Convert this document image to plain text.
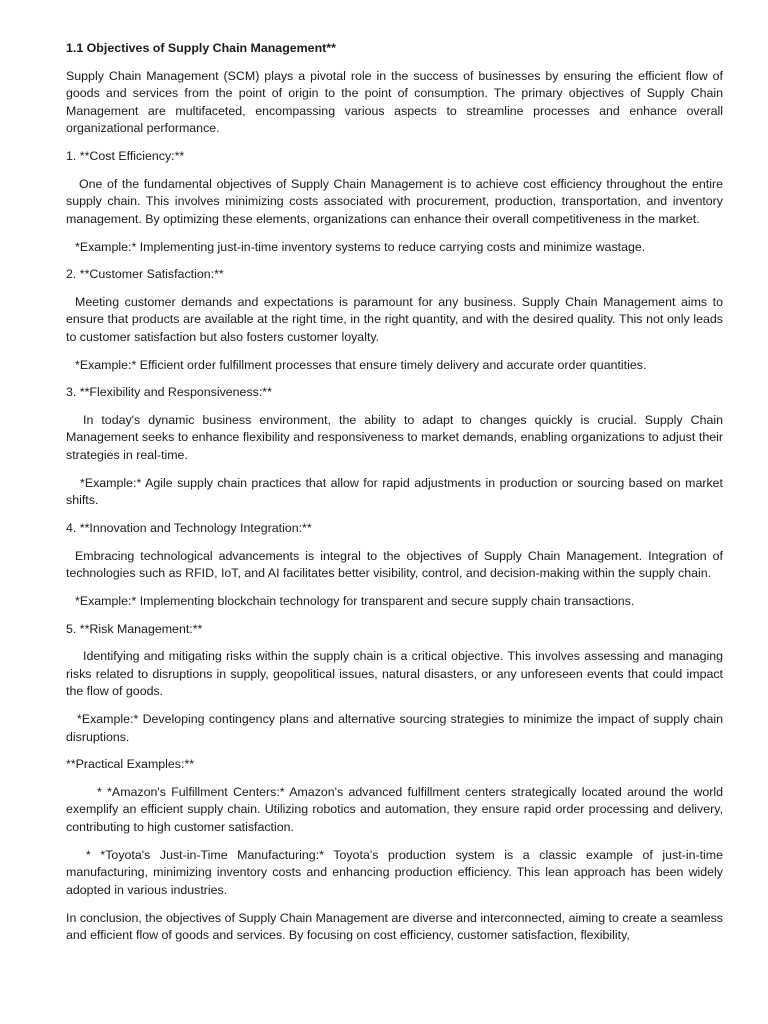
1.1 Objectives of Supply Chain Management**
Supply Chain Management (SCM) plays a pivotal role in the success of businesses by ensuring the efficient flow of goods and services from the point of origin to the point of consumption. The primary objectives of Supply Chain Management are multifaceted, encompassing various aspects to streamline processes and enhance overall organizational performance.
1. **Cost Efficiency:**
One of the fundamental objectives of Supply Chain Management is to achieve cost efficiency throughout the entire supply chain. This involves minimizing costs associated with procurement, production, transportation, and inventory management. By optimizing these elements, organizations can enhance their overall competitiveness in the market.
*Example:* Implementing just-in-time inventory systems to reduce carrying costs and minimize wastage.
2. **Customer Satisfaction:**
Meeting customer demands and expectations is paramount for any business. Supply Chain Management aims to ensure that products are available at the right time, in the right quantity, and with the desired quality. This not only leads to customer satisfaction but also fosters customer loyalty.
*Example:* Efficient order fulfillment processes that ensure timely delivery and accurate order quantities.
3. **Flexibility and Responsiveness:**
In today's dynamic business environment, the ability to adapt to changes quickly is crucial. Supply Chain Management seeks to enhance flexibility and responsiveness to market demands, enabling organizations to adjust their strategies in real-time.
*Example:* Agile supply chain practices that allow for rapid adjustments in production or sourcing based on market shifts.
4. **Innovation and Technology Integration:**
Embracing technological advancements is integral to the objectives of Supply Chain Management. Integration of technologies such as RFID, IoT, and AI facilitates better visibility, control, and decision-making within the supply chain.
*Example:* Implementing blockchain technology for transparent and secure supply chain transactions.
5. **Risk Management:**
Identifying and mitigating risks within the supply chain is a critical objective. This involves assessing and managing risks related to disruptions in supply, geopolitical issues, natural disasters, or any unforeseen events that could impact the flow of goods.
*Example:* Developing contingency plans and alternative sourcing strategies to minimize the impact of supply chain disruptions.
**Practical Examples:**
* *Amazon's Fulfillment Centers:* Amazon's advanced fulfillment centers strategically located around the world exemplify an efficient supply chain. Utilizing robotics and automation, they ensure rapid order processing and delivery, contributing to high customer satisfaction.
* *Toyota's Just-in-Time Manufacturing:* Toyota's production system is a classic example of just-in-time manufacturing, minimizing inventory costs and enhancing production efficiency. This lean approach has been widely adopted in various industries.
In conclusion, the objectives of Supply Chain Management are diverse and interconnected, aiming to create a seamless and efficient flow of goods and services. By focusing on cost efficiency, customer satisfaction, flexibility,
